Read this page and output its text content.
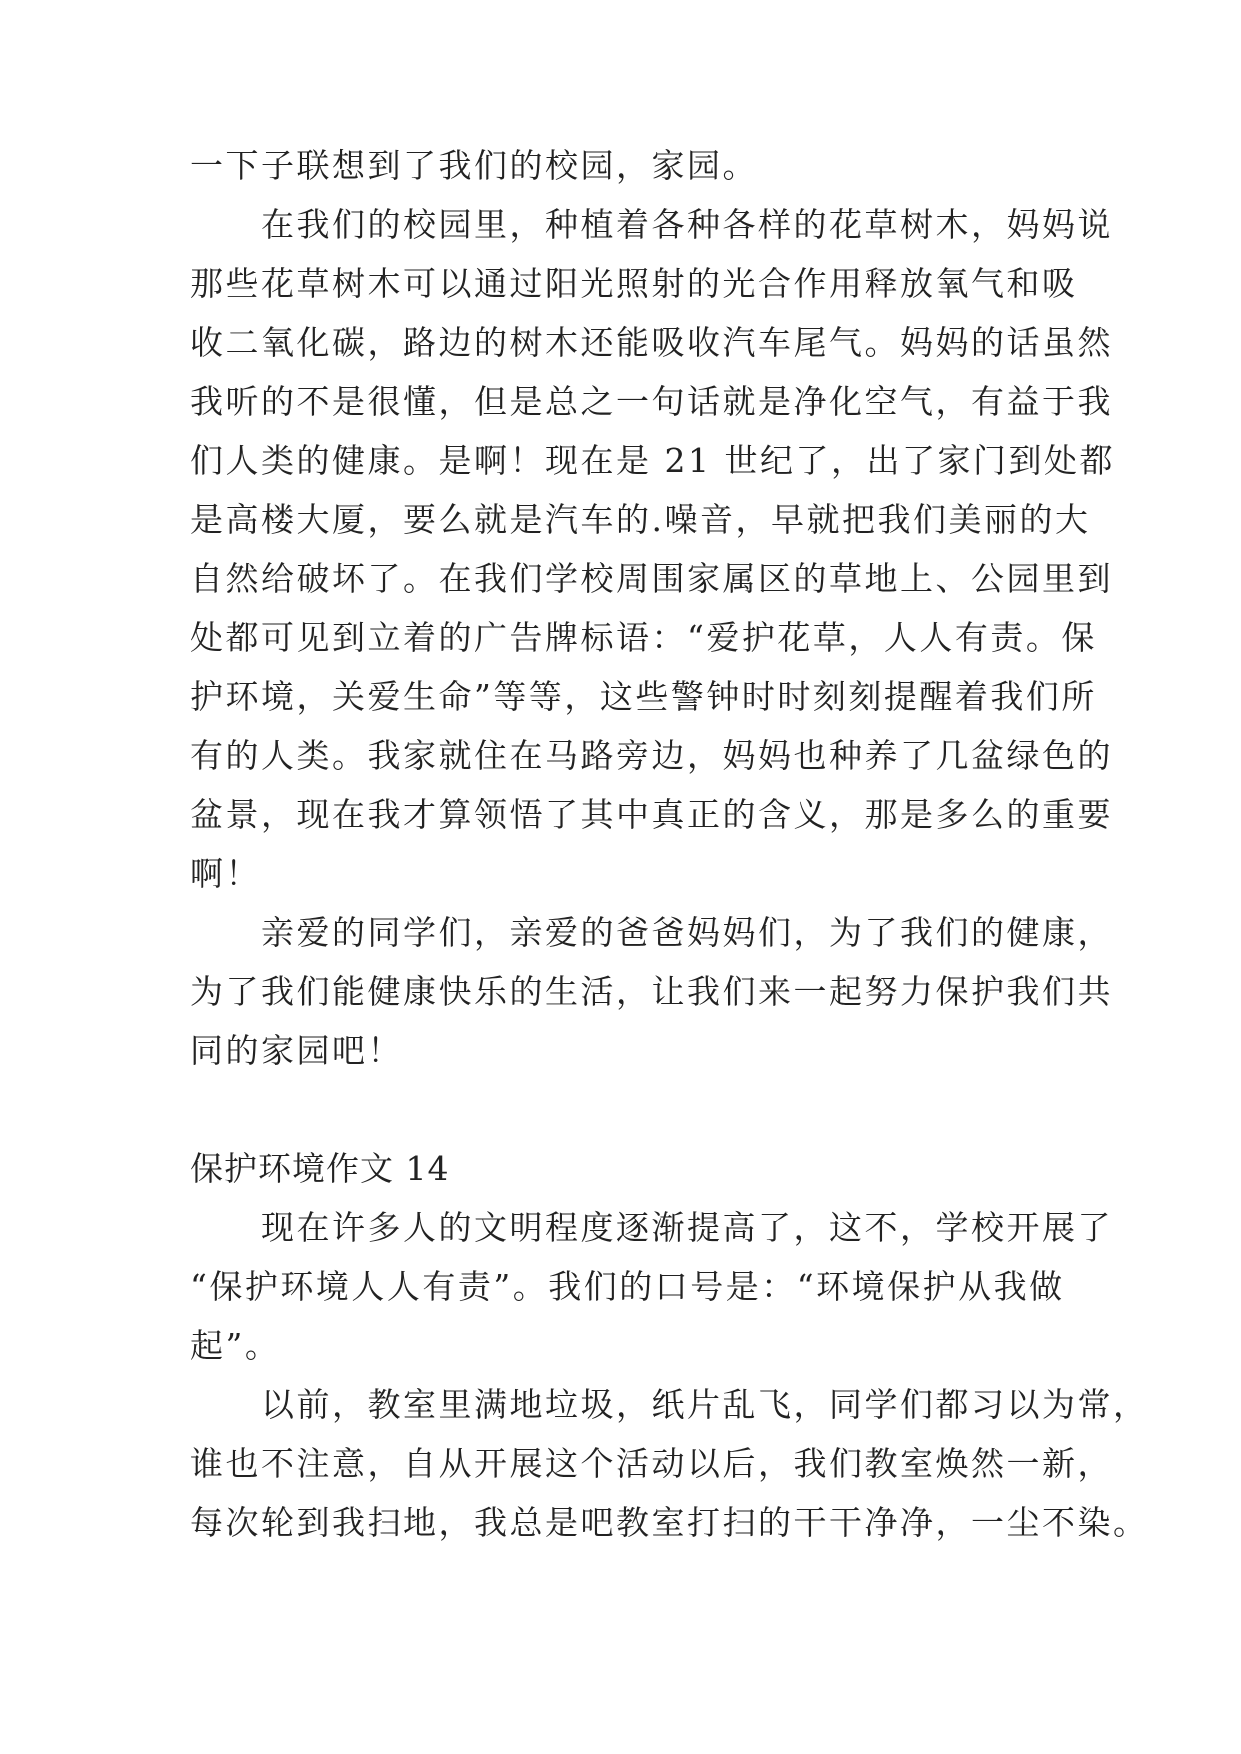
一下子联想到了我们的校园，家园。
　　在我们的校园里，种植着各种各样的花草树木，妈妈说
那些花草树木可以通过阳光照射的光合作用释放氧气和吸
收二氧化碳，路边的树木还能吸收汽车尾气。妈妈的话虽然
我听的不是很懂，但是总之一句话就是净化空气，有益于我
们人类的健康。是啊！现在是 21 世纪了，出了家门到处都
是高楼大厦，要么就是汽车的.噪音，早就把我们美丽的大
自然给破坏了。在我们学校周围家属区的草地上、公园里到
处都可见到立着的广告牌标语：“爱护花草，人人有责。保
护环境，关爱生命”等等，这些警钟时时刻刻提醒着我们所
有的人类。我家就住在马路旁边，妈妈也种养了几盆绿色的
盆景，现在我才算领悟了其中真正的含义，那是多么的重要
啊！
　　亲爱的同学们，亲爱的爸爸妈妈们，为了我们的健康，
为了我们能健康快乐的生活，让我们来一起努力保护我们共
同的家园吧！
保护环境作文 14
　　现在许多人的文明程度逐渐提高了，这不，学校开展了
“保护环境人人有责”。我们的口号是：“环境保护从我做
起”。
　　以前，教室里满地垃圾，纸片乱飞，同学们都习以为常，
谁也不注意，自从开展这个活动以后，我们教室焕然一新，
每次轮到我扫地，我总是吧教室打扫的干干净净，一尘不染。
